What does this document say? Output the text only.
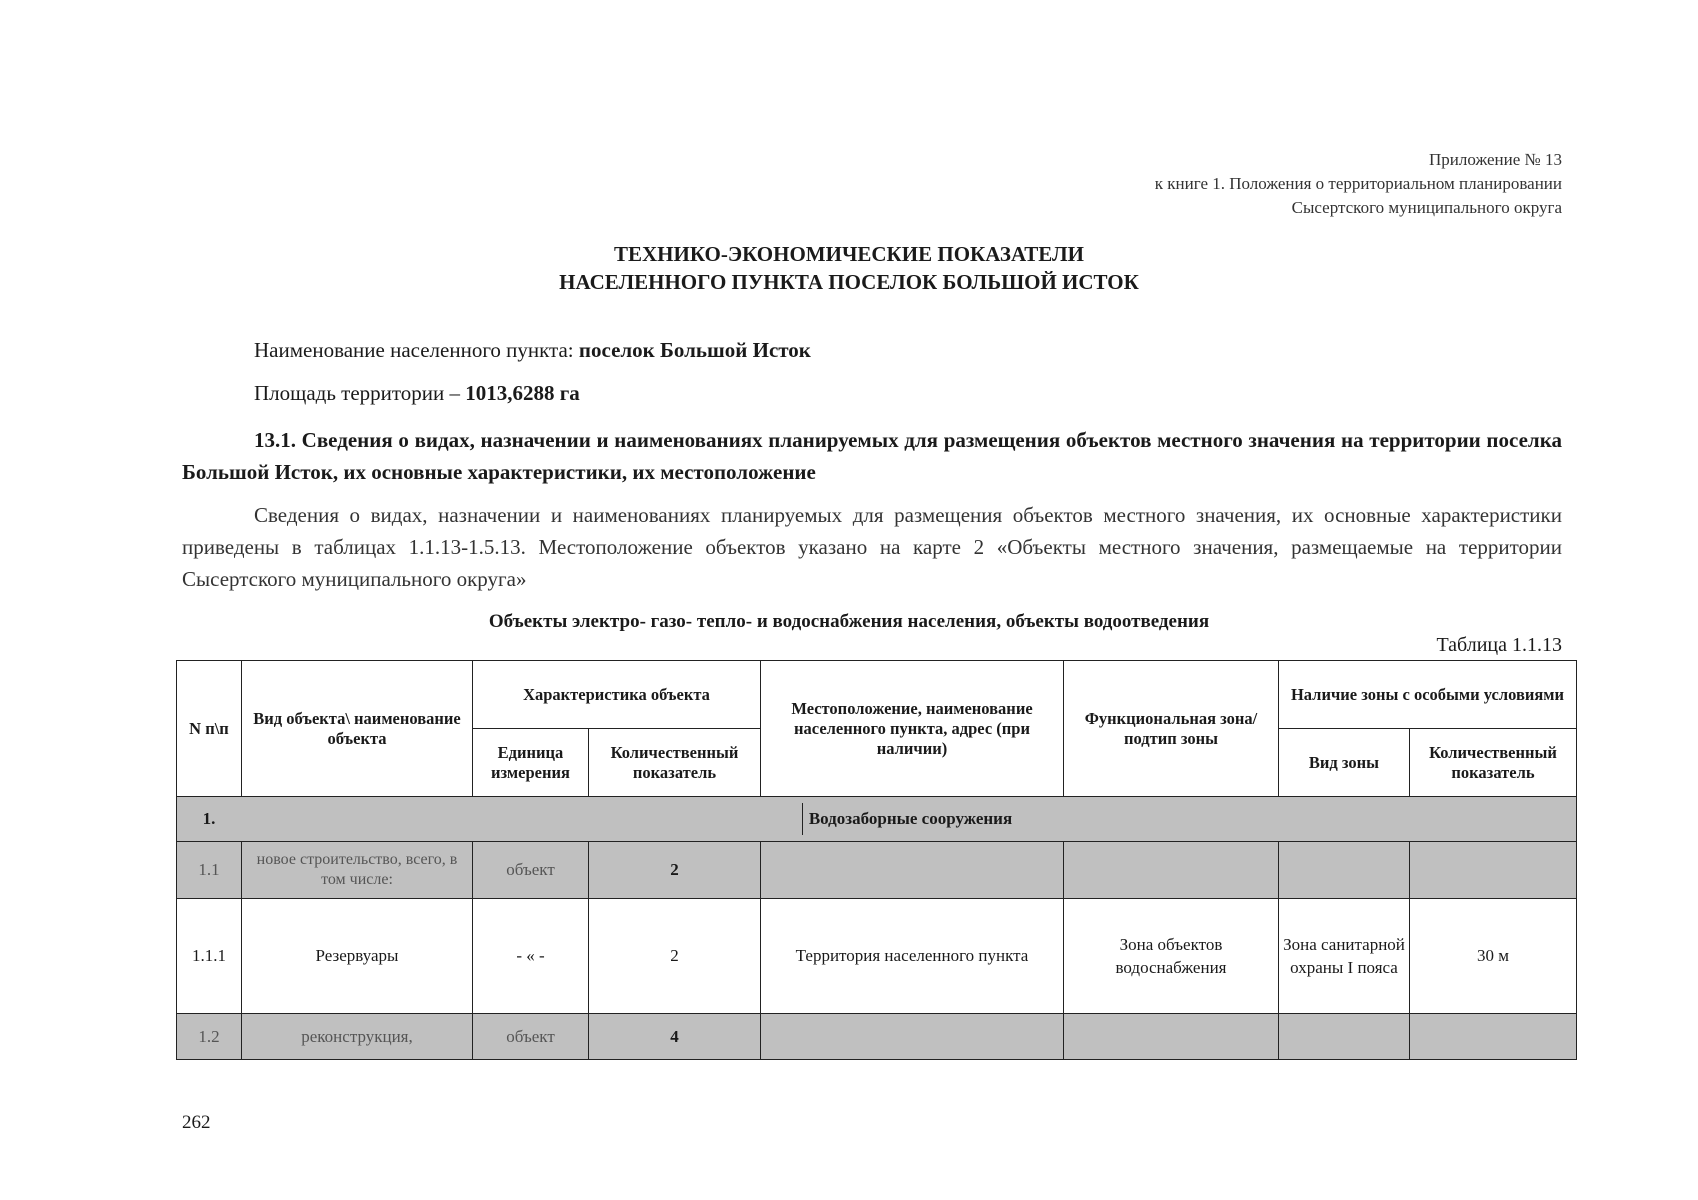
Приложение № 13
к книге 1. Положения о территориальном планировании
Сысертского муниципального округа
ТЕХНИКО-ЭКОНОМИЧЕСКИЕ ПОКАЗАТЕЛИ
НАСЕЛЕННОГО ПУНКТА ПОСЕЛОК БОЛЬШОЙ ИСТОК
Наименование населенного пункта: поселок Большой Исток
Площадь территории – 1013,6288 га
13.1. Сведения о видах, назначении и наименованиях планируемых для размещения объектов местного значения на территории поселка Большой Исток, их основные характеристики, их местоположение
Сведения о видах, назначении и наименованиях планируемых для размещения объектов местного значения, их основные характеристики приведены в таблицах 1.1.13-1.5.13. Местоположение объектов указано на карте 2 «Объекты местного значения, размещаемые на территории Сысертского муниципального округа»
Объекты электро- газо- тепло- и водоснабжения населения, объекты водоотведения
Таблица 1.1.13
N п\п	Вид объекта\ наименование объекта	Характеристика объекта		Местоположение, наименование населенного пункта, адрес (при наличии)	Функциональная зона/ подтип зоны	Наличие зоны с особыми условиями	
		Единица измерения	Количественный показатель			Вид зоны	Количественный показатель
1.	Водозаборные сооружения						
1.1	новое строительство, всего, в том числе:	объект	2				
1.1.1	Резервуары	- « -	2	Территория населенного пункта	Зона объектов водоснабжения	Зона санитарной охраны I пояса	30 м
1.2	реконструкция,	объект	4				
262
